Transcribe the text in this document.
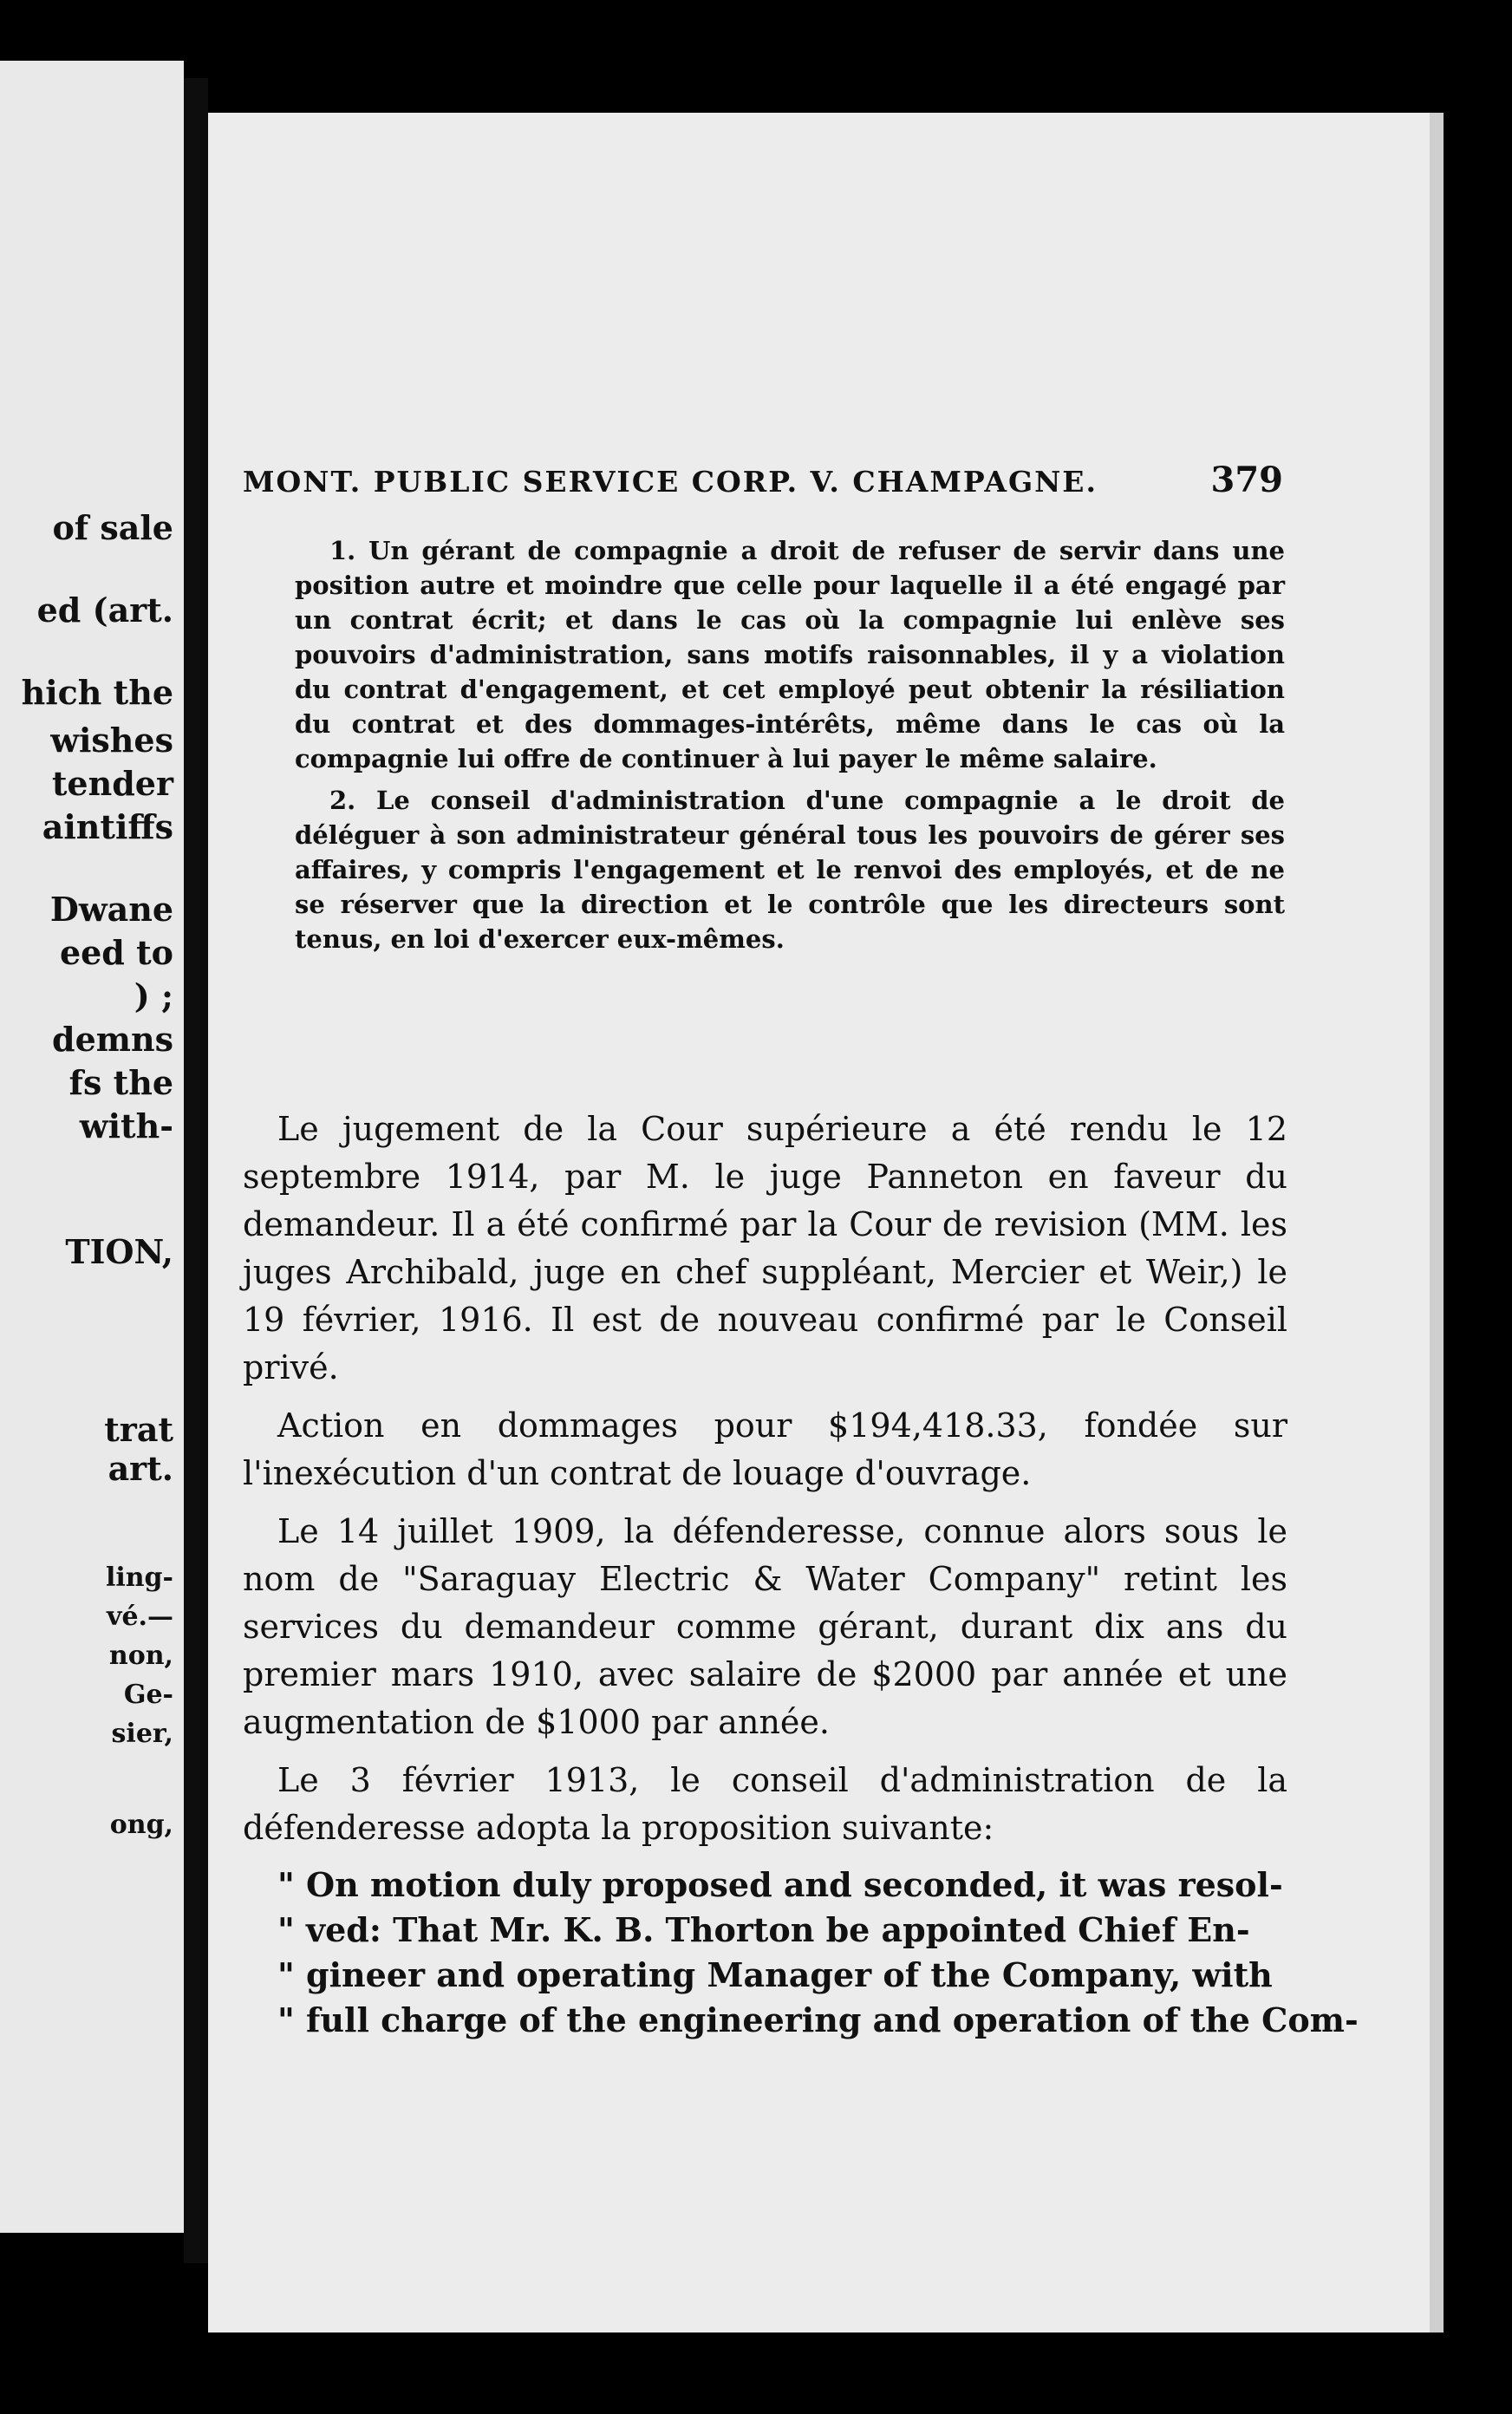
of sale

ed (art.

hich the

wishes

tender

aintiffs

Dwane

eed to

) ;

demns

fs the

with-

TION,

trat

art.

ling-

vé.—

non,

Ge-

sier,

ong,

MONT. PUBLIC SERVICE CORP. V. CHAMPAGNE.	379

1. Un gérant de compagnie a droit de refuser de servir dans une position autre et moindre que celle pour laquelle il a été engagé par un contrat écrit; et dans le cas où la compagnie lui enlève ses pouvoirs d'administration, sans motifs raisonnables, il y a violation du contrat d'engagement, et cet employé peut obtenir la résiliation du contrat et des dommages-intérêts, même dans le cas où la compagnie lui offre de continuer à lui payer le même salaire.

2. Le conseil d'administration d'une compagnie a le droit de déléguer à son administrateur général tous les pouvoirs de gérer ses affaires, y compris l'engagement et le renvoi des employés, et de ne se réserver que la direction et le contrôle que les directeurs sont tenus, en loi d'exercer eux-mêmes.

Le jugement de la Cour supérieure a été rendu le 12 septembre 1914, par M. le juge Panneton en faveur du demandeur. Il a été confirmé par la Cour de revision (MM. les juges Archibald, juge en chef suppléant, Mercier et Weir,) le 19 février, 1916. Il est de nouveau confirmé par le Conseil privé.

Action en dommages pour $194,418.33, fondée sur l'inexécution d'un contrat de louage d'ouvrage.

Le 14 juillet 1909, la défenderesse, connue alors sous le nom de "Saraguay Electric & Water Company" retint les services du demandeur comme gérant, durant dix ans du premier mars 1910, avec salaire de $2000 par année et une augmentation de $1000 par année.

Le 3 février 1913, le conseil d'administration de la défenderesse adopta la proposition suivante:

" On motion duly proposed and seconded, it was resol-

" ved: That Mr. K. B. Thorton be appointed Chief En-

" gineer and operating Manager of the Company, with

" full charge of the engineering and operation of the Com-
